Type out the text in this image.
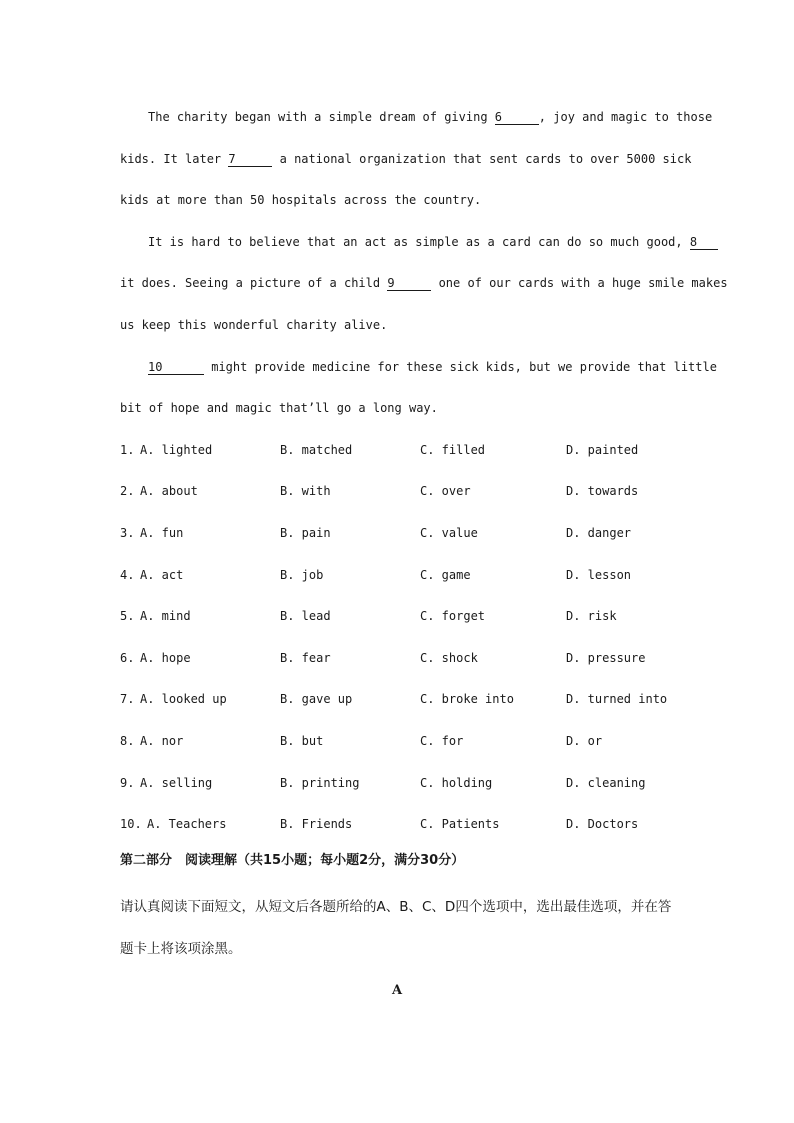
The charity began with a simple dream of giving 6	, joy and magic to those
kids. It later 7	a national organization that sent cards to over 5000 sick
kids at more than 50 hospitals across the country.
It is hard to believe that an act as simple as a card can do so much good, 8
it does. Seeing a picture of a child 9	one of our cards with a huge smile makes
us keep this wonderful charity alive.
10	might provide medicine for these sick kids, but we provide that little
bit of hope and magic that’ll go a long way.
1. A. lighted	B. matched	C. filled	D. painted
2. A. about	B. with	C. over	D. towards
3. A. fun	B. pain	C. value	D. danger
4. A. act	B. job	C. game	D. lesson
5. A. mind	B. lead	C. forget	D. risk
6. A. hope	B. fear	C. shock	D. pressure
7. A. looked up	B. gave up	C. broke into	D. turned into
8. A. nor	B. but	C. for	D. or
9. A. selling	B. printing	C. holding	D. cleaning
10. A. Teachers	B. Friends	C. Patients	D. Doctors
第二部分　阅读理解（共15小题；每小题2分，满分30分）
请认真阅读下面短文，从短文后各题所给的A、B、C、D四个选项中，选出最佳选项，并在答
题卡上将该项涂黑。
A
